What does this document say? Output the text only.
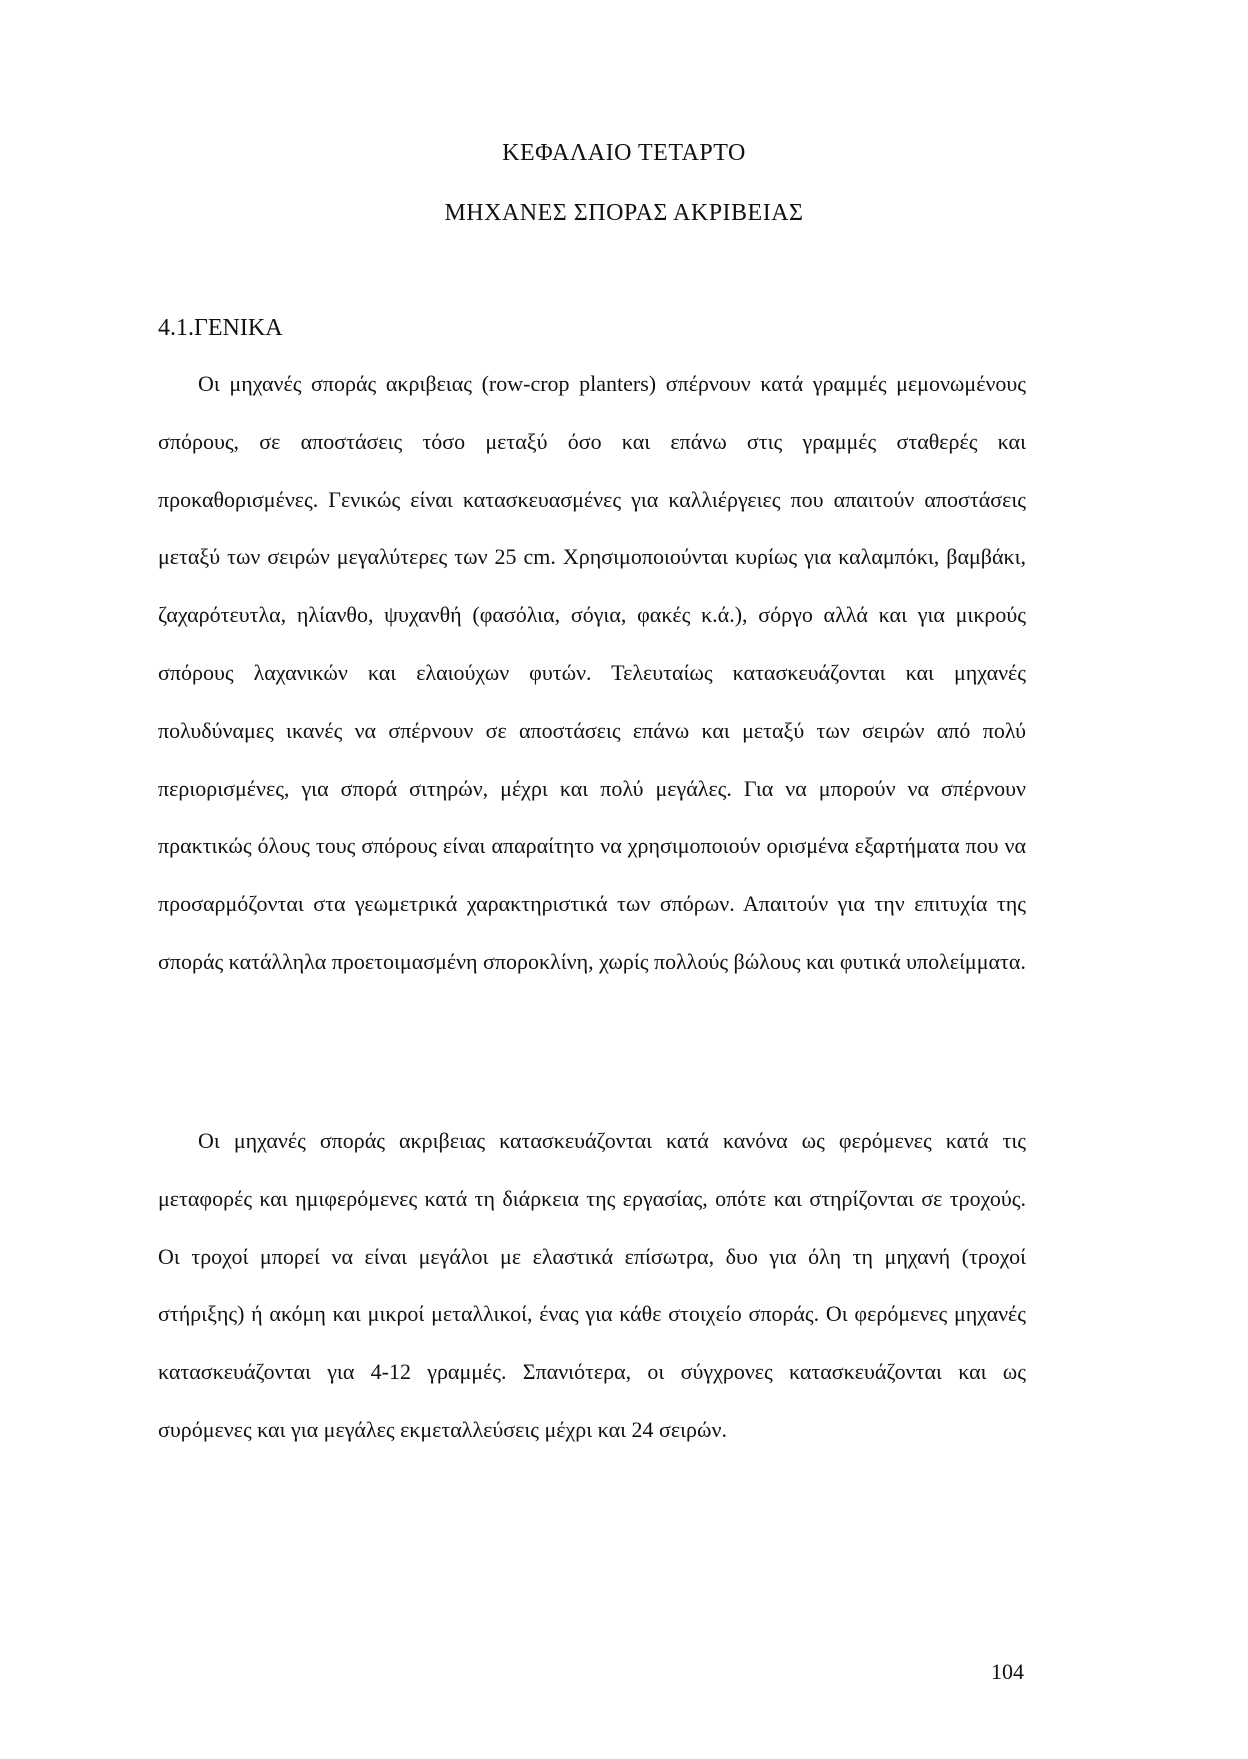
ΚΕΦΑΛΑΙΟ ΤΕΤΑΡΤΟ
ΜΗΧΑΝΕΣ ΣΠΟΡΑΣ ΑΚΡΙΒΕΙΑΣ
4.1.ΓΕΝΙΚΑ

Οι μηχανές σποράς ακριβειας (row-crop planters) σπέρνουν κατά γραμμές μεμονωμένους σπόρους, σε αποστάσεις τόσο μεταξύ όσο και επάνω στις γραμμές σταθερές και προκαθορισμένες. Γενικώς είναι κατασκευασμένες για καλλιέργειες που απαιτούν αποστάσεις μεταξύ των σειρών μεγαλύτερες των 25 cm. Χρησιμοποιούνται κυρίως για καλαμπόκι, βαμβάκι, ζαχαρότευτλα, ηλίανθο, ψυχανθή (φασόλια, σόγια, φακές κ.ά.), σόργο αλλά και για μικρούς σπόρους λαχανικών και ελαιούχων φυτών. Τελευταίως κατασκευάζονται και μηχανές πολυδύναμες ικανές να σπέρνουν σε αποστάσεις επάνω και μεταξύ των σειρών από πολύ περιορισμένες, για σπορά σιτηρών, μέχρι και πολύ μεγάλες. Για να μπορούν να σπέρνουν πρακτικώς όλους τους σπόρους είναι απαραίτητο να χρησιμοποιούν ορισμένα εξαρτήματα που να προσαρμόζονται στα γεωμετρικά χαρακτηριστικά των σπόρων. Απαιτούν για την επιτυχία της σποράς κατάλληλα προετοιμασμένη σποροκλίνη, χωρίς πολλούς βώλους και φυτικά υπολείμματα.

Οι μηχανές σποράς ακριβειας κατασκευάζονται κατά κανόνα ως φερόμενες κατά τις μεταφορές και ημιφερόμενες κατά τη διάρκεια της εργασίας, οπότε και στηρίζονται σε τροχούς. Οι τροχοί μπορεί να είναι μεγάλοι με ελαστικά επίσωτρα, δυο για όλη τη μηχανή (τροχοί στήριξης) ή ακόμη και μικροί μεταλλικοί, ένας για κάθε στοιχείο σποράς. Οι φερόμενες μηχανές κατασκευάζονται για 4-12 γραμμές. Σπανιότερα, οι σύγχρονες κατασκευάζονται και ως συρόμενες και για μεγάλες εκμεταλλεύσεις μέχρι και 24 σειρών.

104
